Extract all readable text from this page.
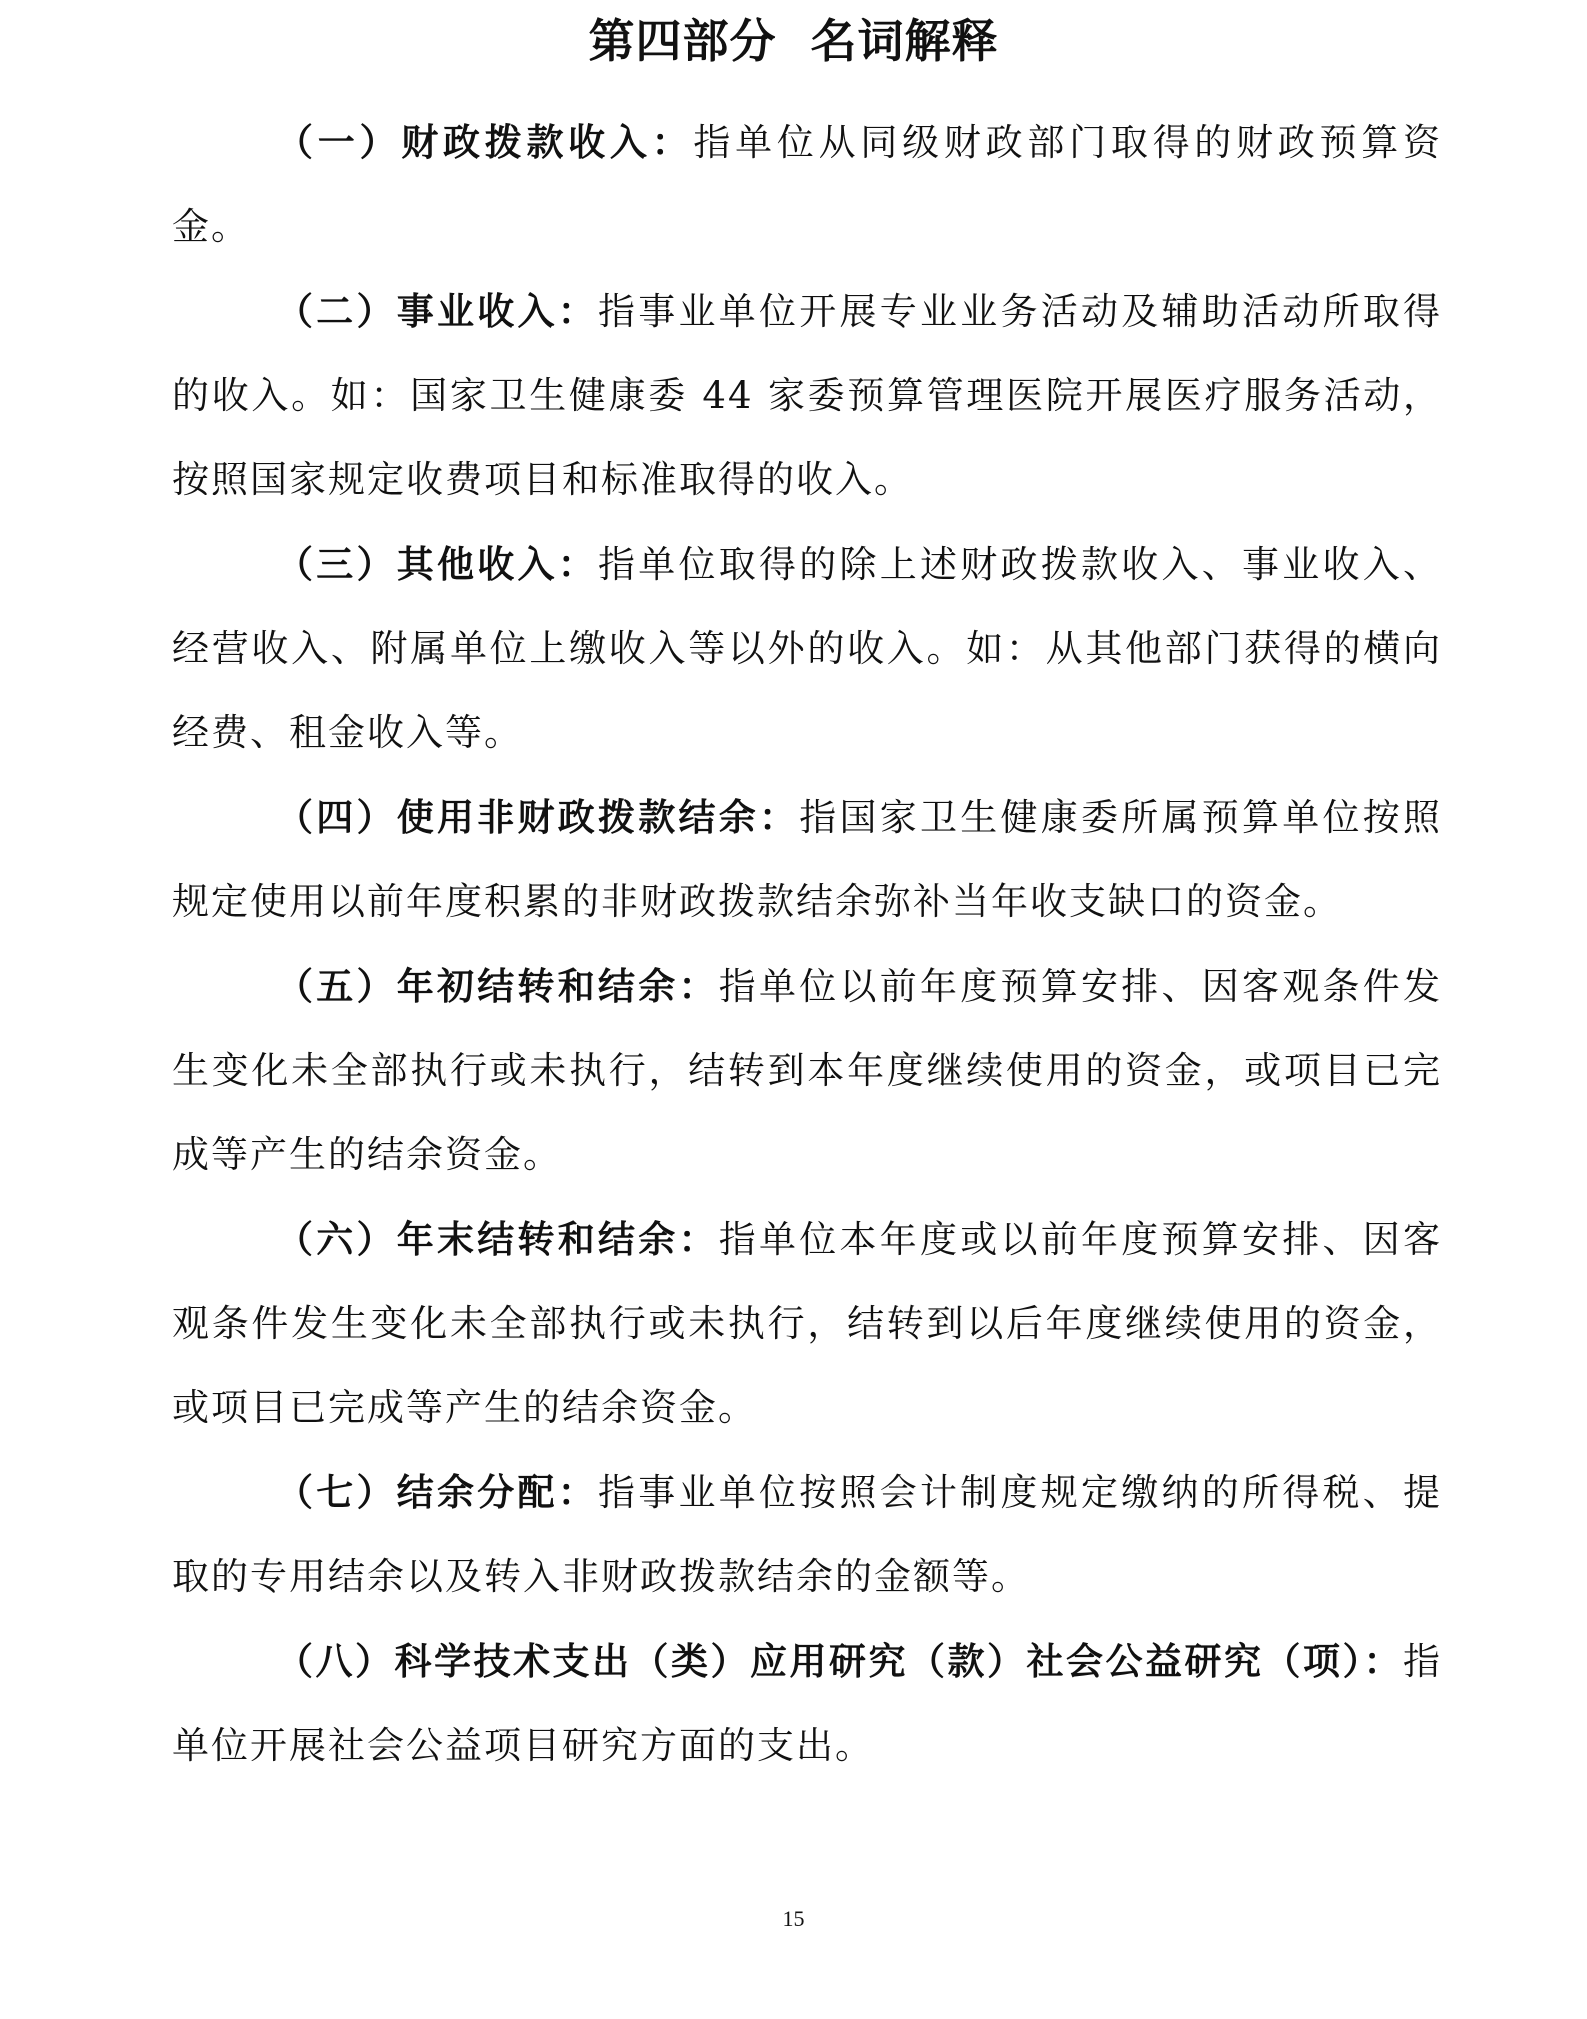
第四部分  名词解释

（一）财政拨款收入：指单位从同级财政部门取得的财政预算资金。

（二）事业收入：指事业单位开展专业业务活动及辅助活动所取得的收入。如：国家卫生健康委 44 家委预算管理医院开展医疗服务活动，按照国家规定收费项目和标准取得的收入。

（三）其他收入：指单位取得的除上述财政拨款收入、事业收入、经营收入、附属单位上缴收入等以外的收入。如：从其他部门获得的横向经费、租金收入等。

（四）使用非财政拨款结余：指国家卫生健康委所属预算单位按照规定使用以前年度积累的非财政拨款结余弥补当年收支缺口的资金。

（五）年初结转和结余：指单位以前年度预算安排、因客观条件发生变化未全部执行或未执行，结转到本年度继续使用的资金，或项目已完成等产生的结余资金。

（六）年末结转和结余：指单位本年度或以前年度预算安排、因客观条件发生变化未全部执行或未执行，结转到以后年度继续使用的资金，或项目已完成等产生的结余资金。

（七）结余分配：指事业单位按照会计制度规定缴纳的所得税、提取的专用结余以及转入非财政拨款结余的金额等。

（八）科学技术支出（类）应用研究（款）社会公益研究（项）：指单位开展社会公益项目研究方面的支出。

15
